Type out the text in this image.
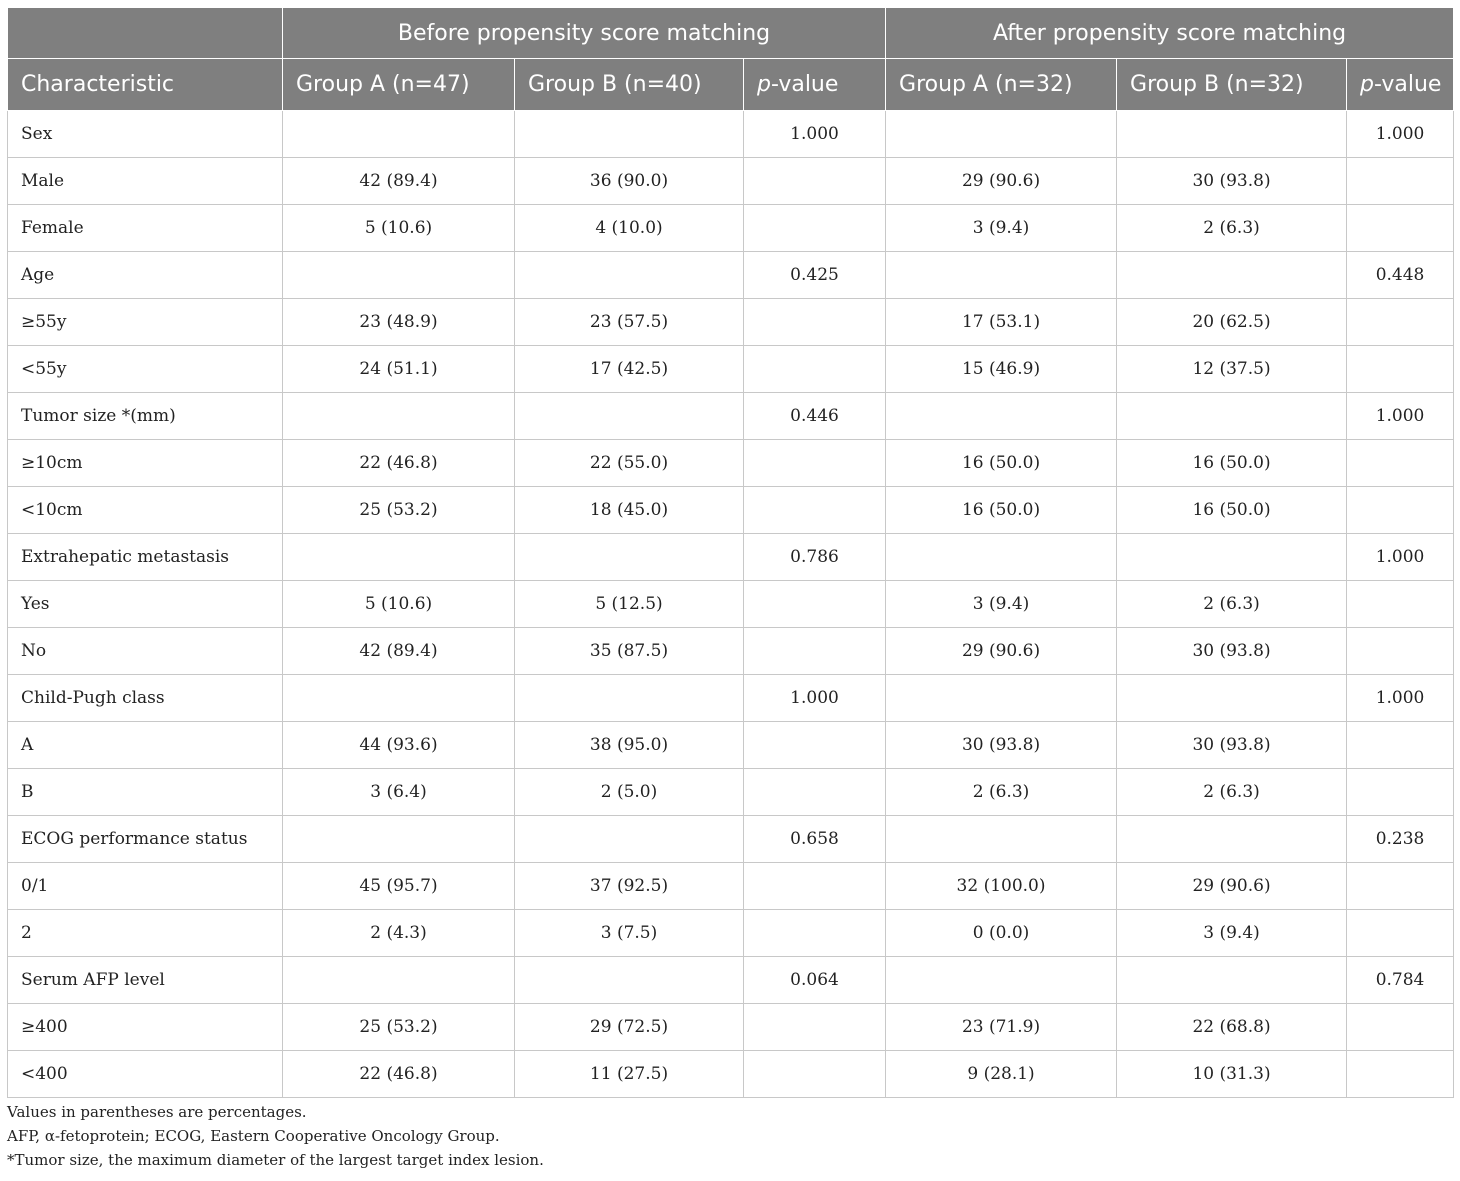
	Before propensity score matching			After propensity score matching		
Characteristic	Group A (n=47)	Group B (n=40)	p-value	Group A (n=32)	Group B (n=32)	p-value
Sex			1.000			1.000
Male	42 (89.4)	36 (90.0)		29 (90.6)	30 (93.8)	
Female	5 (10.6)	4 (10.0)		3 (9.4)	2 (6.3)	
Age			0.425			0.448
≥55y	23 (48.9)	23 (57.5)		17 (53.1)	20 (62.5)	
<55y	24 (51.1)	17 (42.5)		15 (46.9)	12 (37.5)	
Tumor size *(mm)			0.446			1.000
≥10cm	22 (46.8)	22 (55.0)		16 (50.0)	16 (50.0)	
<10cm	25 (53.2)	18 (45.0)		16 (50.0)	16 (50.0)	
Extrahepatic metastasis			0.786			1.000
Yes	5 (10.6)	5 (12.5)		3 (9.4)	2 (6.3)	
No	42 (89.4)	35 (87.5)		29 (90.6)	30 (93.8)	
Child-Pugh class			1.000			1.000
A	44 (93.6)	38 (95.0)		30 (93.8)	30 (93.8)	
B	3 (6.4)	2 (5.0)		2 (6.3)	2 (6.3)	
ECOG performance status			0.658			0.238
0/1	45 (95.7)	37 (92.5)		32 (100.0)	29 (90.6)	
2	2 (4.3)	3 (7.5)		0 (0.0)	3 (9.4)	
Serum AFP level			0.064			0.784
≥400	25 (53.2)	29 (72.5)		23 (71.9)	22 (68.8)	
<400	22 (46.8)	11 (27.5)		9 (28.1)	10 (31.3)	
Values in parentheses are percentages.
AFP, α-fetoprotein; ECOG, Eastern Cooperative Oncology Group.
*Tumor size, the maximum diameter of the largest target index lesion.
